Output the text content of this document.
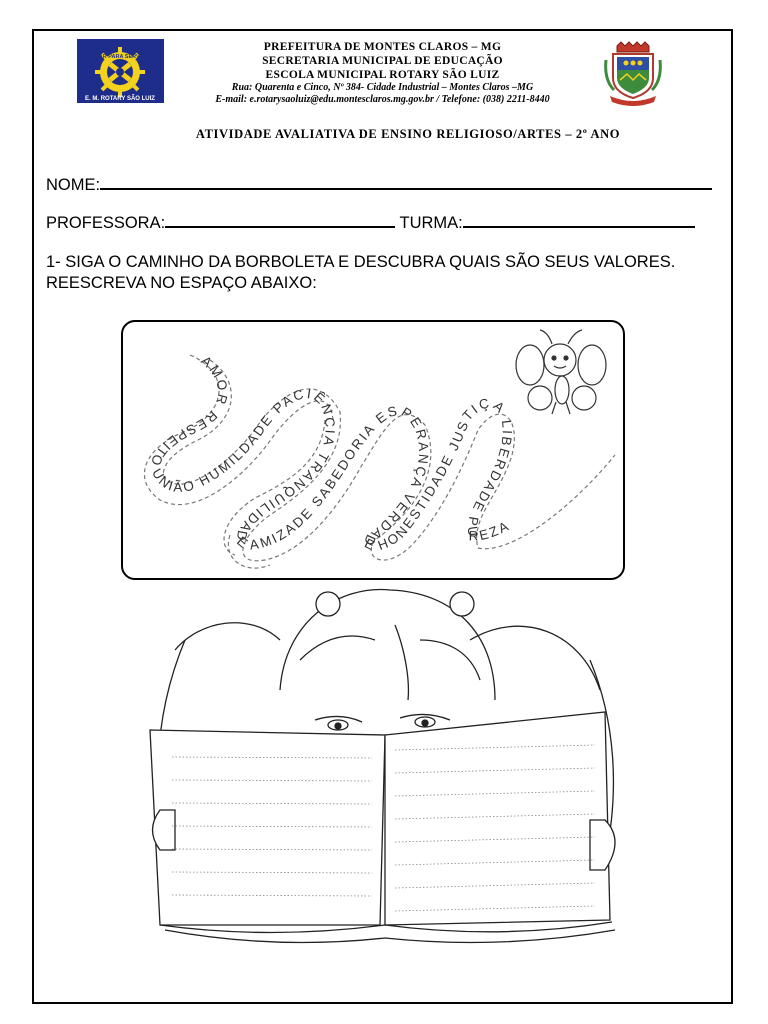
DAR PARA SERVIR
E. M. ROTARY SÃO LUIZ
PREFEITURA DE MONTES CLAROS – MG
SECRETARIA MUNICIPAL DE EDUCAÇÃO
ESCOLA MUNICIPAL ROTARY SÃO LUIZ
Rua: Quarenta e Cinco, Nº 384- Cidade Industrial – Montes Claros –MG
E-mail: e.rotarysaoluiz@edu.montesclaros.mg.gov.br / Telefone: (038) 2211-8440
ATIVIDADE AVALIATIVA DE ENSINO RELIGIOSO/ARTES – 2º ANO
NOME:
PROFESSORA:	TURMA:
1- SIGA O CAMINHO DA BORBOLETA E DESCUBRA QUAIS SÃO SEUS VALORES. REESCREVA NO ESPAÇO ABAIXO:
AMOR RESPEITO UNIÃO HUMILDADE PACIÊNCIA TRANQUILIDADE AMIZADE SABEDORIA ESPERANÇA VERDADE HONESTIDADE JUSTIÇA LIBERDADE PUREZA
